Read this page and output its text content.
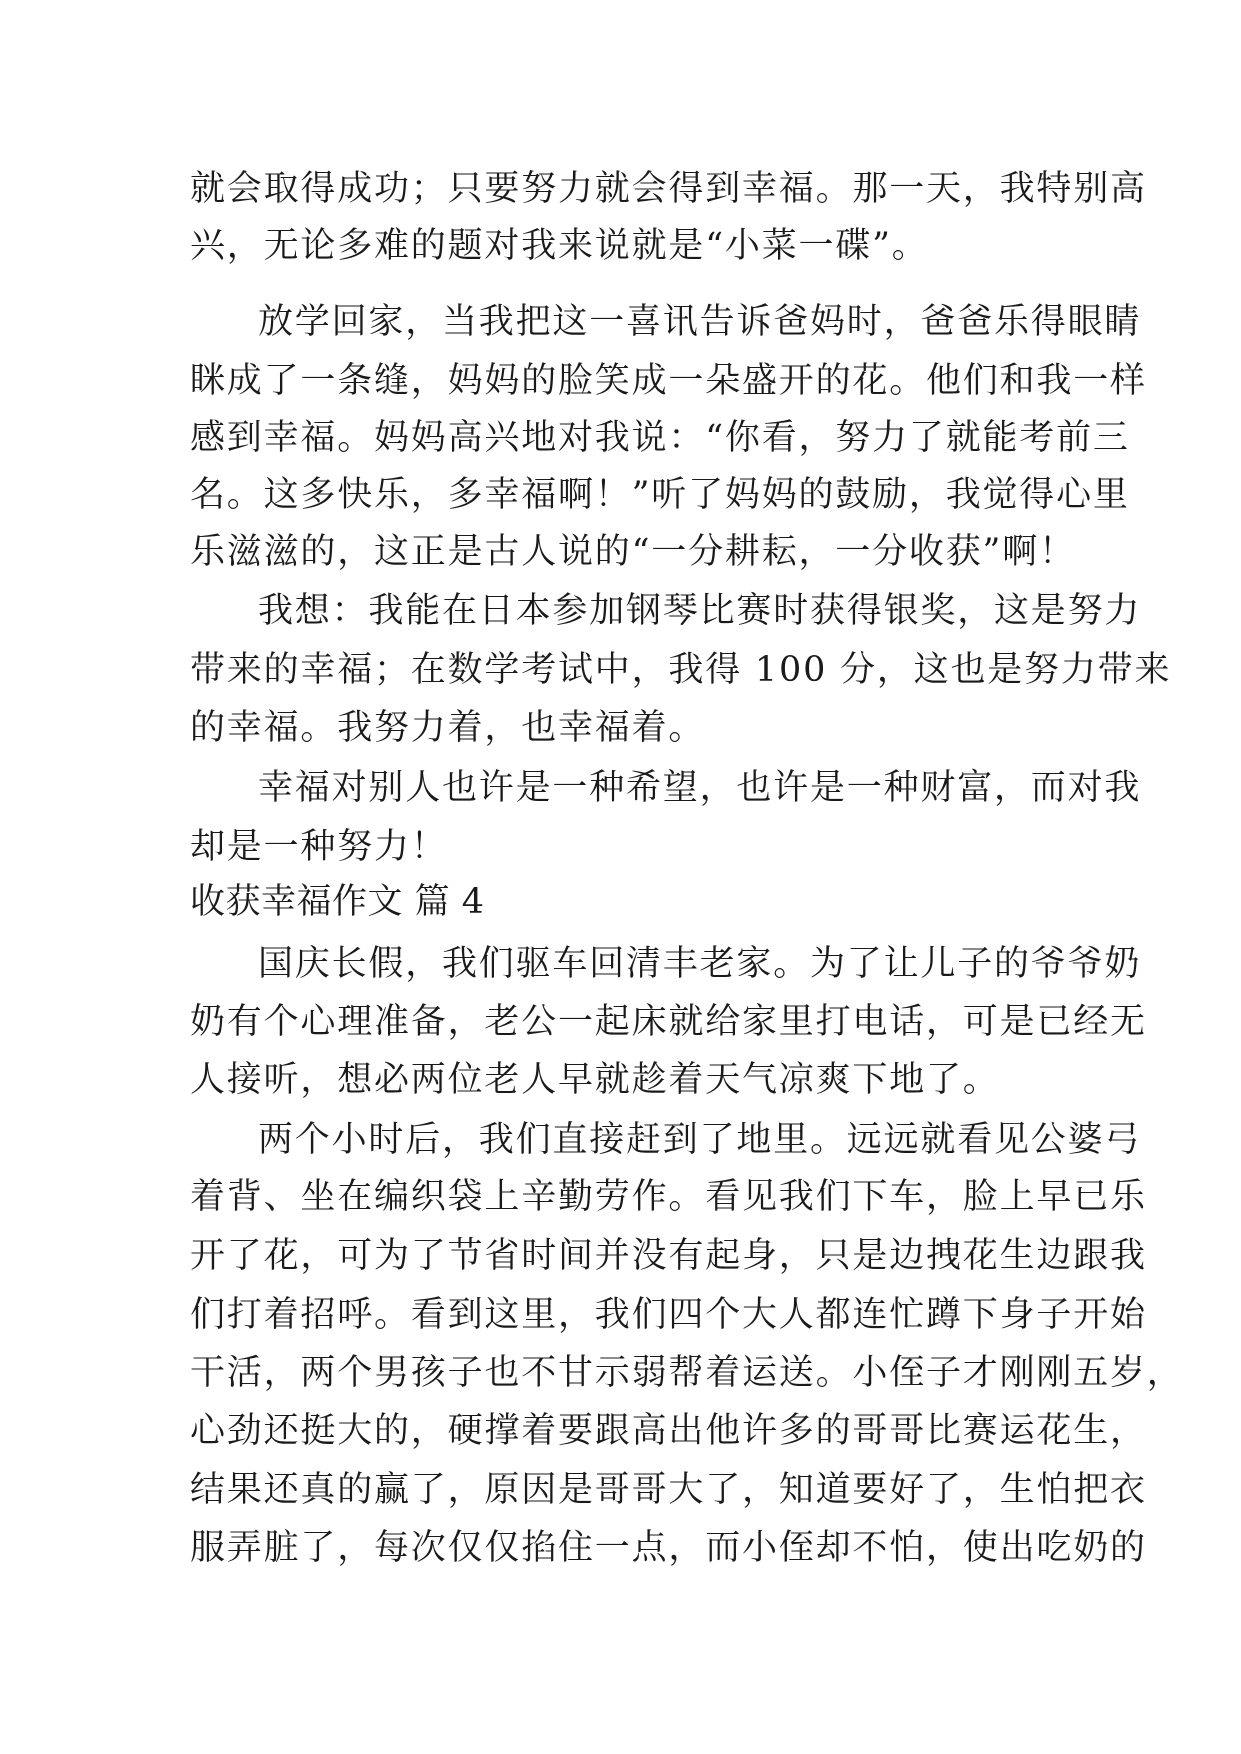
就会取得成功；只要努力就会得到幸福。那一天，我特别高
兴，无论多难的题对我来说就是“小菜一碟”。
放学回家，当我把这一喜讯告诉爸妈时，爸爸乐得眼睛
眯成了一条缝，妈妈的脸笑成一朵盛开的花。他们和我一样
感到幸福。妈妈高兴地对我说：“你看，努力了就能考前三
名。这多快乐，多幸福啊！”听了妈妈的鼓励，我觉得心里
乐滋滋的，这正是古人说的“一分耕耘，一分收获”啊！
我想：我能在日本参加钢琴比赛时获得银奖，这是努力
带来的幸福；在数学考试中，我得 100 分，这也是努力带来
的幸福。我努力着，也幸福着。
幸福对别人也许是一种希望，也许是一种财富，而对我
却是一种努力！
收获幸福作文 篇 4
国庆长假，我们驱车回清丰老家。为了让儿子的爷爷奶
奶有个心理准备，老公一起床就给家里打电话，可是已经无
人接听，想必两位老人早就趁着天气凉爽下地了。
两个小时后，我们直接赶到了地里。远远就看见公婆弓
着背、坐在编织袋上辛勤劳作。看见我们下车，脸上早已乐
开了花，可为了节省时间并没有起身，只是边拽花生边跟我
们打着招呼。看到这里，我们四个大人都连忙蹲下身子开始
干活，两个男孩子也不甘示弱帮着运送。小侄子才刚刚五岁，
心劲还挺大的，硬撑着要跟高出他许多的哥哥比赛运花生，
结果还真的赢了，原因是哥哥大了，知道要好了，生怕把衣
服弄脏了，每次仅仅掐住一点，而小侄却不怕，使出吃奶的
